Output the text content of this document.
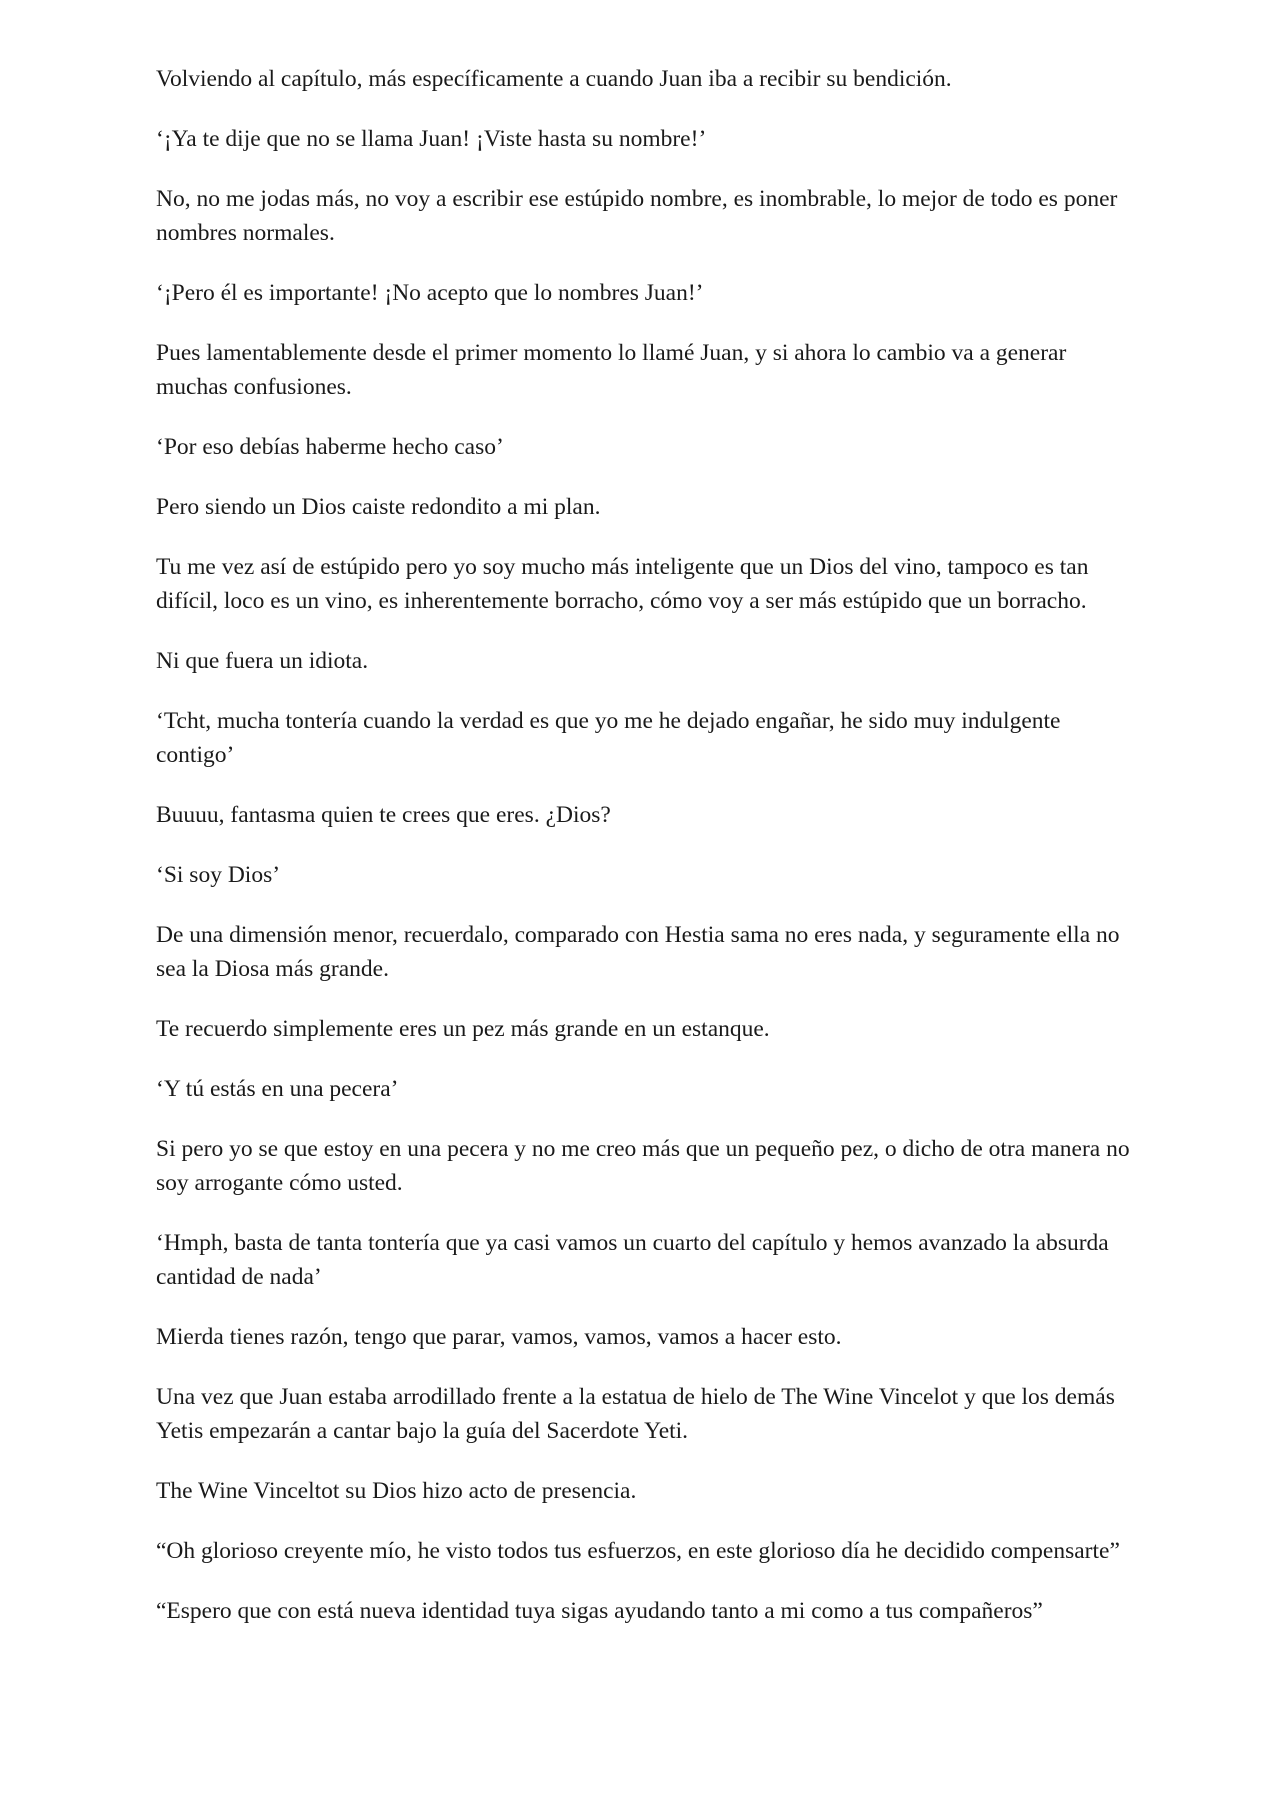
Volviendo al capítulo, más específicamente a cuando Juan iba a recibir su bendición.

‘¡Ya te dije que no se llama Juan! ¡Viste hasta su nombre!’

No, no me jodas más, no voy a escribir ese estúpido nombre, es inombrable, lo mejor de todo es poner nombres normales.

‘¡Pero él es importante! ¡No acepto que lo nombres Juan!’

Pues lamentablemente desde el primer momento lo llamé Juan, y si ahora lo cambio va a generar muchas confusiones.

‘Por eso debías haberme hecho caso’

Pero siendo un Dios caiste redondito a mi plan.

Tu me vez así de estúpido pero yo soy mucho más inteligente que un Dios del vino, tampoco es tan difícil, loco es un vino, es inherentemente borracho, cómo voy a ser más estúpido que un borracho.

Ni que fuera un idiota.

‘Tcht, mucha tontería cuando la verdad es que yo me he dejado engañar, he sido muy indulgente contigo’

Buuuu, fantasma quien te crees que eres. ¿Dios?

‘Si soy Dios’

De una dimensión menor, recuerdalo, comparado con Hestia sama no eres nada, y seguramente ella no sea la Diosa más grande.

Te recuerdo simplemente eres un pez más grande en un estanque.

‘Y tú estás en una pecera’

Si pero yo se que estoy en una pecera y no me creo más que un pequeño pez, o dicho de otra manera no soy arrogante cómo usted.

‘Hmph, basta de tanta tontería que ya casi vamos un cuarto del capítulo y hemos avanzado la absurda cantidad de nada’

Mierda tienes razón, tengo que parar, vamos, vamos, vamos a hacer esto.

Una vez que Juan estaba arrodillado frente a la estatua de hielo de The Wine Vincelot y que los demás Yetis empezarán a cantar bajo la guía del Sacerdote Yeti.

The Wine Vinceltot su Dios hizo acto de presencia.

“Oh glorioso creyente mío, he visto todos tus esfuerzos, en este glorioso día he decidido compensarte”

“Espero que con está nueva identidad tuya sigas ayudando tanto a mi como a tus compañeros”
